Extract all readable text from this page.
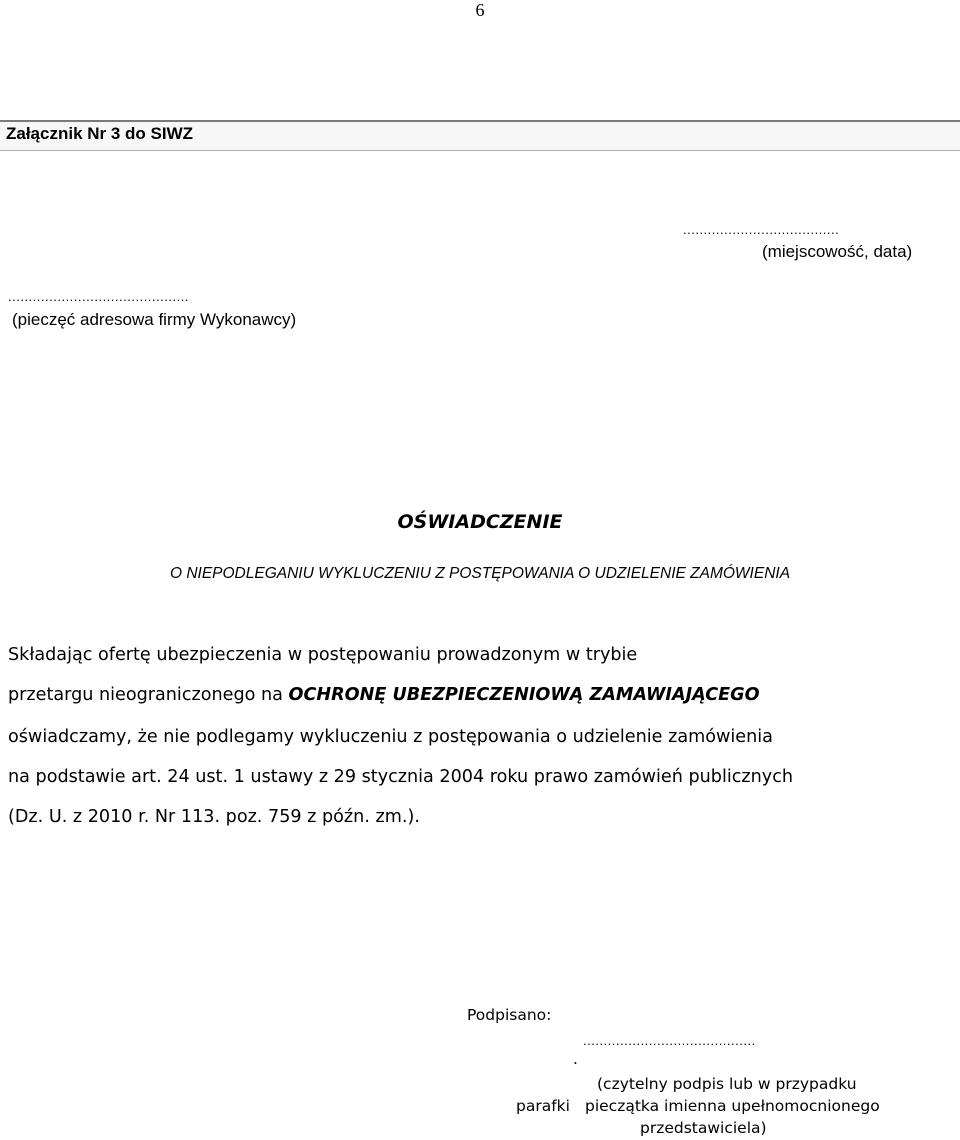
6
Załącznik Nr 3 do SIWZ
......................................
(miejscowość, data)
............................................
(pieczęć adresowa firmy Wykonawcy)
OŚWIADCZENIE
O NIEPODLEGANIU WYKLUCZENIU Z POSTĘPOWANIA O UDZIELENIE ZAMÓWIENIA
Składając ofertę ubezpieczenia w postępowaniu prowadzonym w trybie
przetargu nieograniczonego na OCHRONĘ UBEZPIECZENIOWĄ ZAMAWIAJĄCEGO
oświadczamy, że nie podlegamy wykluczeniu z postępowania o udzielenie zamówienia
na podstawie art. 24 ust. 1 ustawy z 29 stycznia 2004 roku prawo zamówień publicznych
(Dz. U. z 2010 r. Nr 113. poz. 759 z późn. zm.).
Podpisano:
..........................................
.
(czytelny podpis lub w przypadku
parafki pieczątka imienna upełnomocnionego
przedstawiciela)
